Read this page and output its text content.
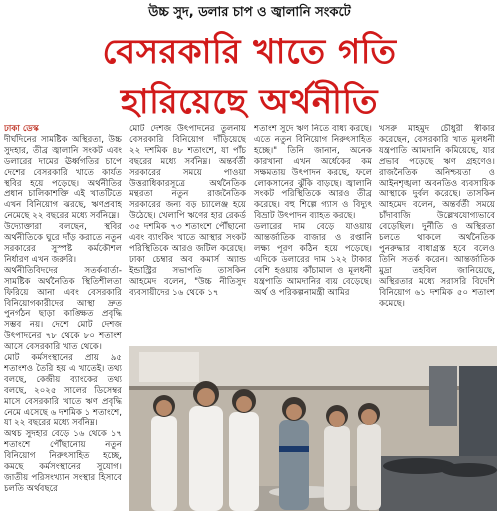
উচ্চ সুদ, ডলার চাপ ও জ্বালানি সংকটে
বেসরকারি খাতে গতি
হারিয়েছে অর্থনীতি
ঢাকা ডেস্ক
দীর্ঘদিনের সামষ্টিক অস্থিরতা, উচ্চ সুদহার, তীব্র জ্বালানি সংকট এবং ডলারের দামের ঊর্ধ্বগতির চাপে দেশের বেসরকারি খাতে কার্যত স্থবির হয়ে পড়েছে। অর্থনীতির প্রধান চালিকাশক্তি এই খাতটিতে এখন বিনিয়োগ ঝরছে, ঋণপ্রবাহ নেমেছে ২২ বছরের মধ্যে সর্বনিম্নে।
উদ্যোক্তারা বলছেন, স্থবির অর্থনীতিকে ঘুরে দাঁড় করাতে নতুন সরকারের সুস্পষ্ট কর্মকৌশল নির্ধারণ এখন জরুরি।
অর্থনীতিবিদদের সতর্কবার্তা- সামষ্টিক অর্থনৈতিক স্থিতিশীলতা ফিরিয়ে আনা এবং বেসরকারি বিনিয়োগকারীদের আস্থা দ্রুত পুনর্গঠন ছাড়া কাঙ্ক্ষিত প্রবৃদ্ধি সম্ভব নয়। দেশে মোট দেশজ উৎপাদনের ৭৮ থেকে ৮০ শতাংশ আসে বেসরকারি খাত থেকে।
মোট কর্মসংস্থানের প্রায় ৯৫ শতাংশও তৈরি হয় এ খাতেই। তথ্য বলছে, কেন্দ্রীয় ব্যাংকের তথ্য বলছে, ২০২৫ সালের ডিসেম্বর মাসে বেসরকারি খাতে ঋণ প্রবৃদ্ধি নেমে এসেছে ৬ দশমিক ১ শতাংশে, যা ২২ বছরের মধ্যে সর্বনিম্ন।
অথচ সুদহার বেড়ে ১৬ থেকে ১৭ শতাংশে পৌঁছানোয় নতুন বিনিয়োগ নিরুৎসাহিত হচ্ছে, কমছে কর্মসংস্থানের সুযোগ। জাতীয় পরিসংখ্যান সংস্থার হিসাবে চলতি অর্থবছরে
মোট দেশজ উৎপাদনের তুলনায় বেসরকারি বিনিয়োগ দাঁড়িয়েছে ২২ দশমিক ৪৮ শতাংশে, যা পাঁচ বছরের মধ্যে সর্বনিম্ন। অন্তর্বর্তী সরকারের সময়ে পাওয়া উত্তরাধিকারসূত্রে অর্থনৈতিক মন্থরতা নতুন রাজনৈতিক সরকারের জন্য বড় চ্যালেঞ্জ হয়ে উঠেছে। খেলাপি ঋণের হার রেকর্ড ৩৫ দশমিক ৭৩ শতাংশে পৌঁছানো এবং ব্যাংকিং খাতে আস্থার সংকট পরিস্থিতিকে আরও জটিল করেছে। ঢাকা চেম্বার অব কমার্স অ্যান্ড ইন্ডাস্ট্রির সভাপতি তাসকিন আহমেদ বলেন, "উচ্চ নীতিসুদ ব্যবসায়ীদের ১৬ থেকে ১৭
শতাংশ সুদে ঋণ নিতে বাধ্য করছে। এতে নতুন বিনিয়োগ নিরুৎসাহিত হচ্ছে।" তিনি জানান, অনেক কারখানা এখন অর্ধেকের কম সক্ষমতায় উৎপাদন করছে, ফলে লোকসানের ঝুঁকি বাড়ছে। জ্বালানি সংকট পরিস্থিতিকে আরও তীব্র করেছে। বহু শিল্পে গ্যাস ও বিদ্যুৎ বিভ্রাট উৎপাদন ব্যাহত করছে।
ডলারের দাম বেড়ে যাওয়ায় আন্তর্জাতিক বাজার ও রপ্তানি লক্ষ্য পূরণ কঠিন হয়ে পড়েছে। এদিকে ডলারের দাম ১২২ টাকার বেশি হওয়ায় কাঁচামাল ও মূলধনী যন্ত্রপাতি আমদানির ব্যয় বেড়েছে। অর্থ ও পরিকল্পনামন্ত্রী আমির
খসরু মাহমুদ চৌধুরী স্বীকার করেছেন, বেসরকারি খাত মূলধনী যন্ত্রপাতি আমদানি কমিয়েছে, যার প্রভাব পড়েছে ঋণ গ্রহণেও। রাজনৈতিক অনিশ্চয়তা ও আইনশৃঙ্খলা অবনতিও ব্যবসায়িক আস্থাকে দুর্বল করেছে। তাসকিন আহমেদ বলেন, অন্তর্বর্তী সময়ে চাঁদাবাজি উল্লেখযোগ্যভাবে বেড়েছিল। দুর্নীতি ও অস্থিরতা চলতে থাকলে অর্থনৈতিক পুনরুদ্ধার বাধাগ্রস্ত হবে বলেও তিনি সতর্ক করেন। আন্তর্জাতিক মুদ্রা তহবিল জানিয়েছে, অস্থিরতার মধ্যে সরাসরি বিদেশি বিনিয়োগ ৬১ দশমিক ৫০ শতাংশ কমেছে।
